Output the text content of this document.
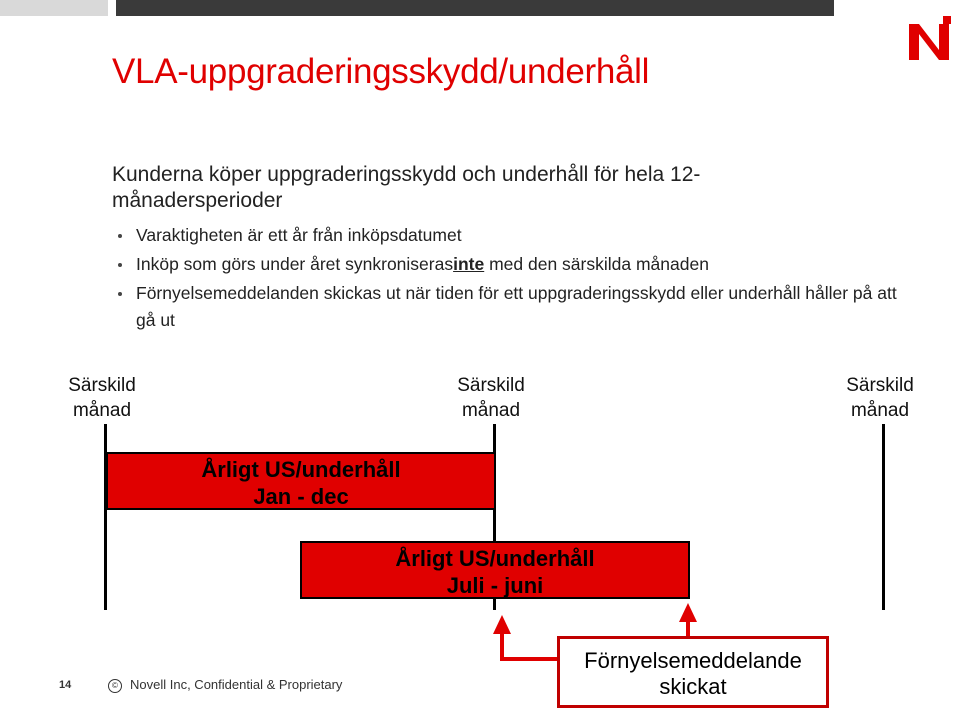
VLA-uppgraderingsskydd/underhåll
Kunderna köper uppgraderingsskydd och underhåll för hela 12-månadersperioder
Varaktigheten är ett år från inköpsdatumet
Inköp som görs under året synkroniserasinte med den särskilda månaden
Förnyelsemeddelanden skickas ut när tiden för ett uppgraderingsskydd eller underhåll håller på att gå ut
Särskild
månad
Särskild
månad
Särskild
månad
Årligt US/underhåll
Jan - dec
Årligt US/underhåll
Juli - juni
Förnyelsemeddelande
skickat
14	© Novell Inc, Confidential & Proprietary
